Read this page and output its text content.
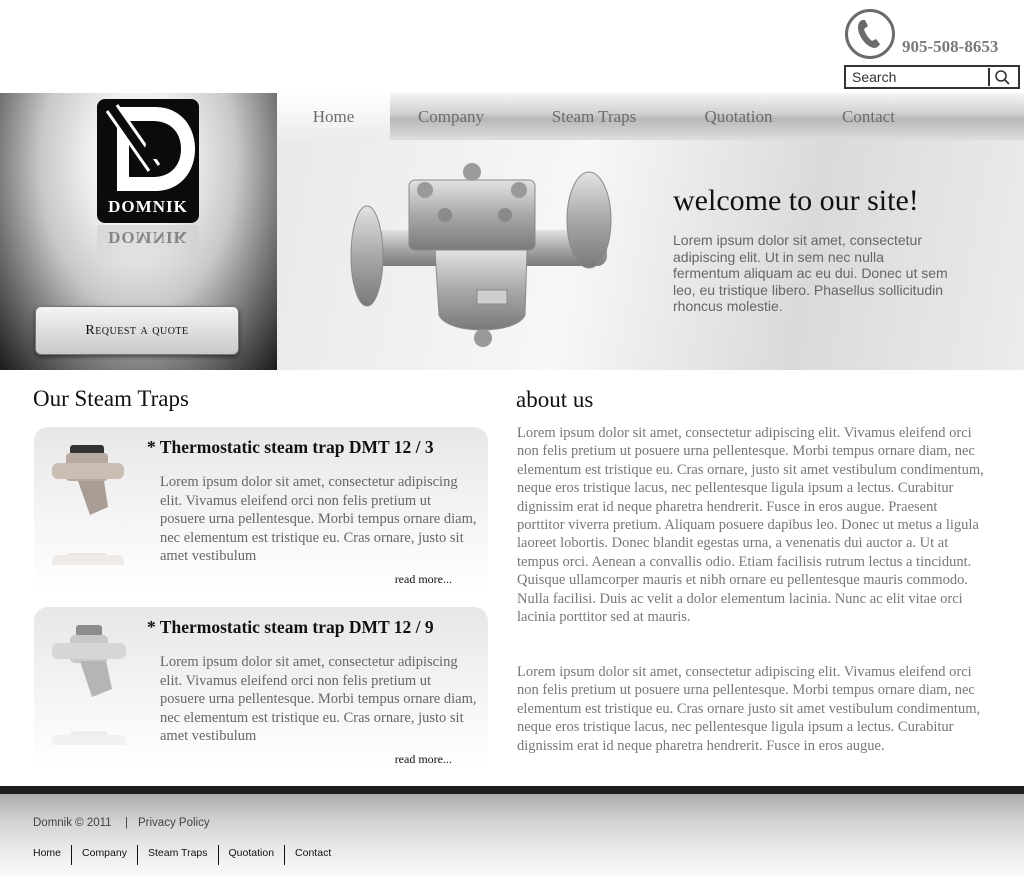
905-508-8653
Search
DOMNIK
DOMNIK
Request a quote
Home	Company	Steam Traps	Quotation	Contact
welcome to our site!
Lorem ipsum dolor sit amet, consectetur adipiscing elit. Ut in sem nec nulla fermentum aliquam ac eu dui. Donec ut sem leo, eu tristique libero. Phasellus sollicitudin rhoncus molestie.
Our Steam Traps
* Thermostatic steam trap DMT 12 / 3
Lorem ipsum dolor sit amet, consectetur adipiscing elit. Vivamus eleifend orci non felis pretium ut posuere urna pellentesque. Morbi tempus ornare diam, nec elementum est tristique eu. Cras ornare, justo sit amet vestibulum
read more...
* Thermostatic steam trap DMT 12 / 9
Lorem ipsum dolor sit amet, consectetur adipiscing elit. Vivamus eleifend orci non felis pretium ut posuere urna pellentesque. Morbi tempus ornare diam, nec elementum est tristique eu. Cras ornare, justo sit amet vestibulum
read more...
about us
Lorem ipsum dolor sit amet, consectetur adipiscing elit. Vivamus eleifend orci non felis pretium ut posuere urna pellentesque. Morbi tempus ornare diam, nec elementum est tristique eu. Cras ornare, justo sit amet vestibulum condimentum, neque eros tristique lacus, nec pellentesque ligula ipsum a lectus. Curabitur dignissim erat id neque pharetra hendrerit. Fusce in eros augue. Praesent porttitor viverra pretium. Aliquam posuere dapibus leo. Donec ut metus a ligula laoreet lobortis. Donec blandit egestas urna, a venenatis dui auctor a. Ut at tempus orci. Aenean a convallis odio. Etiam facilisis rutrum lectus a tincidunt. Quisque ullamcorper mauris et nibh ornare eu pellentesque mauris commodo. Nulla facilisi. Duis ac velit a dolor elementum lacinia. Nunc ac elit vitae orci lacinia porttitor sed at mauris.
Lorem ipsum dolor sit amet, consectetur adipiscing elit. Vivamus eleifend orci non felis pretium ut posuere urna pellentesque. Morbi tempus ornare diam, nec elementum est tristique eu. Cras ornare justo sit amet vestibulum condimentum, neque eros tristique lacus, nec pellentesque ligula ipsum a lectus. Curabitur dignissim erat id neque pharetra hendrerit. Fusce in eros augue.
Domnik © 2011 | Privacy Policy
Home	Company	Steam Traps	Quotation	Contact
